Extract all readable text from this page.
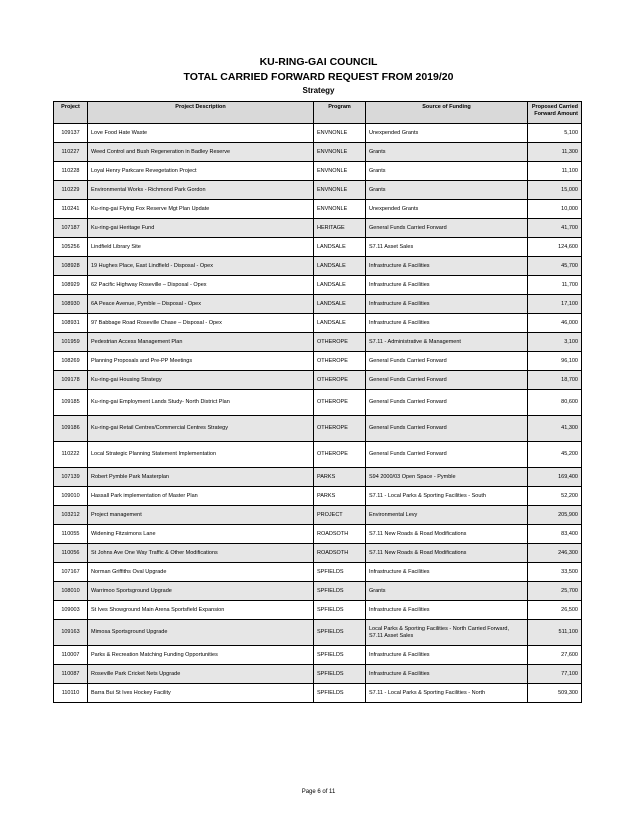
KU-RING-GAI COUNCIL
TOTAL CARRIED FORWARD REQUEST FROM 2019/20
Strategy
Project	Project Description	Program	Source of Funding	Proposed Carried Forward Amount
109137	Love Food Hate Waste	ENVNONLE	Unexpended Grants	5,100
110227	Weed Control and Bush Regeneration in Badley Reserve	ENVNONLE	Grants	11,300
110228	Loyal Henry Parkcare Revegetation Project	ENVNONLE	Grants	11,100
110229	Environmental Works - Richmond Park Gordon	ENVNONLE	Grants	15,000
110241	Ku-ring-gai Flying Fox Reserve Mgt Plan Update	ENVNONLE	Unexpended Grants	10,000
107187	Ku-ring-gai Heritage Fund	HERITAGE	General Funds Carried Forward	41,700
105256	Lindfield Library Site	LANDSALE	S7.11 Asset Sales	124,600
108928	19 Hughes Place, East Lindfield - Disposal - Opex	LANDSALE	Infrastructure & Facilities	45,700
108929	62 Pacific Highway Roseville – Disposal - Opex	LANDSALE	Infrastructure & Facilities	11,700
108930	6A Peace Avenue, Pymble – Disposal - Opex	LANDSALE	Infrastructure & Facilities	17,100
108931	97 Babbage Road Roseville Chase – Disposal - Opex	LANDSALE	Infrastructure & Facilities	46,000
101959	Pedestrian Access Management Plan	OTHEROPE	S7.11 - Administrative & Management	3,100
108269	Planning Proposals and Pre-PP Meetings	OTHEROPE	General Funds Carried Forward	96,100
109178	Ku-ring-gai Housing Strategy	OTHEROPE	General Funds Carried Forward	18,700
109185	Ku-ring-gai Employment Lands Study- North District Plan	OTHEROPE	General Funds Carried Forward	80,600
109186	Ku-ring-gai Retail Centres/Commercial Centres Strategy	OTHEROPE	General Funds Carried Forward	41,300
110222	Local Strategic Planning Statement Implementation	OTHEROPE	General Funds Carried Forward	45,200
107139	Robert Pymble Park Masterplan	PARKS	S94 2000/03 Open Space - Pymble	169,400
109010	Hassall Park implementation of Master Plan	PARKS	S7.11 - Local Parks & Sporting Facilities - South	52,200
103212	Project management	PROJECT	Environmental Levy	205,900
110055	Widening Fitzsimons Lane	ROADSOTH	S7.11 New Roads & Road Modifications	83,400
110056	St Johns Ave One Way Traffic & Other Modifications	ROADSOTH	S7.11 New Roads & Road Modifications	246,300
107167	Norman Griffiths Oval Upgrade	SPFIELDS	Infrastructure & Facilities	33,500
108010	Warrimoo Sportsground Upgrade	SPFIELDS	Grants	25,700
109003	St Ives Showground Main Arena Sportsfield Expansion	SPFIELDS	Infrastructure & Facilities	26,500
109163	Mimosa Sportsground Upgrade	SPFIELDS	Local Parks & Sporting Facilities - North Carried Forward, S7.11 Asset Sales	511,100
110007	Parks & Recreation Matching Funding Opportunities	SPFIELDS	Infrastructure & Facilities	27,600
110087	Roseville Park Cricket Nets Upgrade	SPFIELDS	Infrastructure & Facilities	77,100
110110	Barra Bui St Ives Hockey Facility	SPFIELDS	S7.11 - Local Parks & Sporting Facilities - North	509,300
Page 6 of 11
